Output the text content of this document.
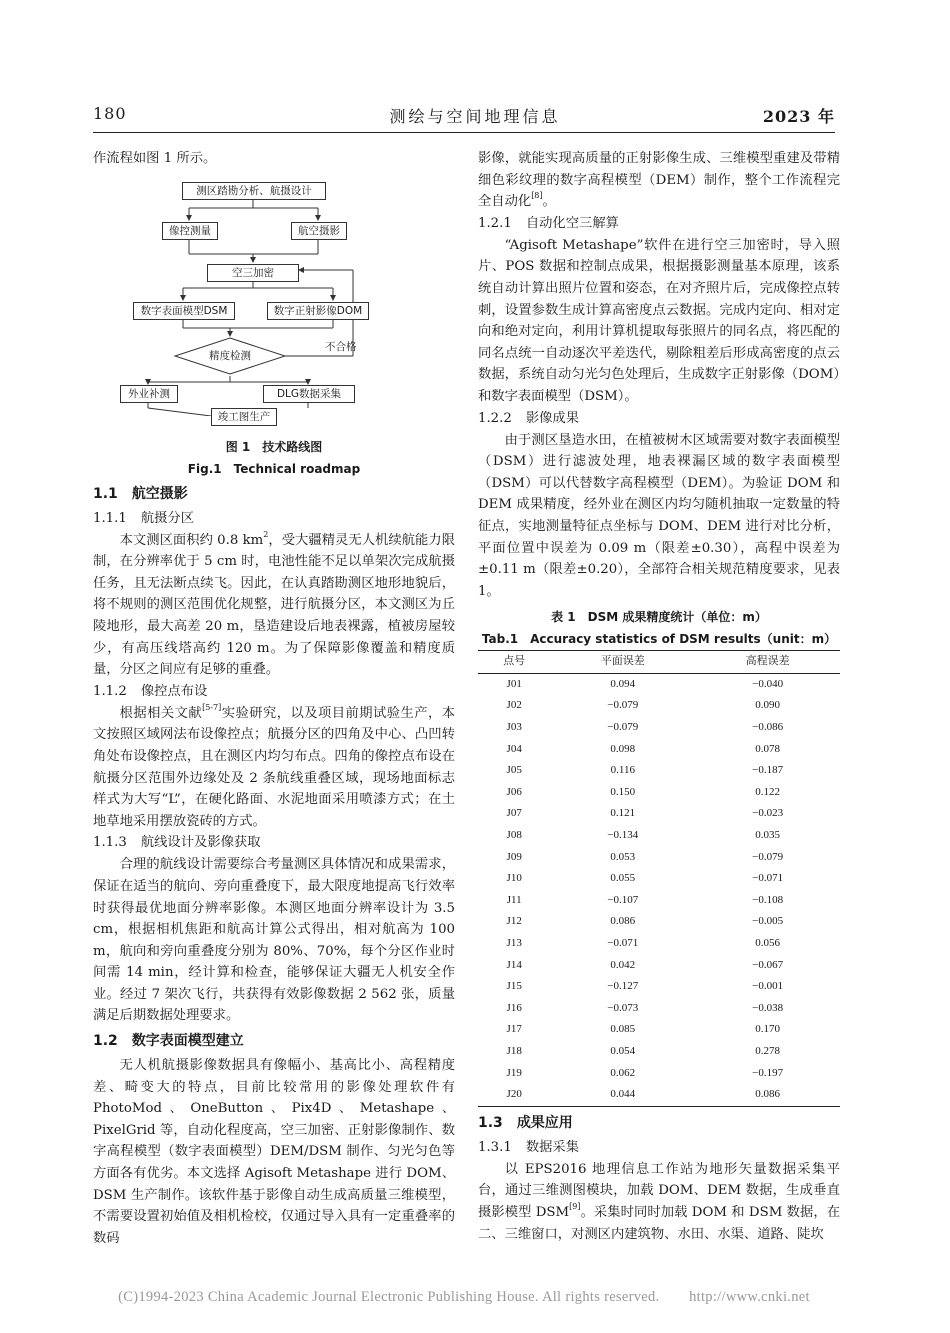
180	测绘与空间地理信息	2023 年

作流程如图 1 所示。

测区踏勘分析、航摄设计
像控测量	航空摄影
空三加密
数字表面模型DSM	数字正射影像DOM
精度检测
不合格
外业补测	DLG数据采集
竣工图生产

图 1　技术路线图

Fig.1　Technical roadmap

1.1 航空摄影

1.1.1 航摄分区

本文测区面积约 0.8 $km^2$，受大疆精灵无人机续航能力限制，在分辨率优于 5 cm 时，电池性能不足以单架次完成航摄任务，且无法断点续飞。因此，在认真踏勘测区地形地貌后，将不规则的测区范围优化规整，进行航摄分区，本文测区为丘陵地形，最大高差 20 m，垦造建设后地表裸露，植被房屋较少，有高压线塔高约 120 m。为了保障影像覆盖和精度质量，分区之间应有足够的重叠。

1.1.2 像控点布设

根据相关文献[5-7]实验研究，以及项目前期试验生产，本文按照区域网法布设像控点；航摄分区的四角及中心、凸凹转角处布设像控点，且在测区内均匀布点。四角的像控点布设在航摄分区范围外边缘处及 2 条航线重叠区域，现场地面标志样式为大写“L”，在硬化路面、水泥地面采用喷漆方式；在土地草地采用摆放瓷砖的方式。

1.1.3 航线设计及影像获取

合理的航线设计需要综合考量测区具体情况和成果需求，保证在适当的航向、旁向重叠度下，最大限度地提高飞行效率时获得最优地面分辨率影像。本测区地面分辨率设计为 3.5 cm，根据相机焦距和航高计算公式得出，相对航高为 100 m，航向和旁向重叠度分别为 80%、70%，每个分区作业时间需 14 min，经计算和检查，能够保证大疆无人机安全作业。经过 7 架次飞行，共获得有效影像数据 2 562 张，质量满足后期数据处理要求。

1.2 数字表面模型建立

无人机航摄影像数据具有像幅小、基高比小、高程精度差、畸变大的特点，目前比较常用的影像处理软件有 PhotoMod、OneButton、Pix4D、Metashape、PixelGrid 等，自动化程度高，空三加密、正射影像制作、数字高程模型（数字表面模型）DEM/DSM 制作、匀光匀色等方面各有优劣。本文选择 Agisoft Metashape 进行 DOM、DSM 生产制作。该软件基于影像自动生成高质量三维模型，不需要设置初始值及相机检校，仅通过导入具有一定重叠率的数码

影像，就能实现高质量的正射影像生成、三维模型重建及带精细色彩纹理的数字高程模型（DEM）制作，整个工作流程完全自动化[8]。

1.2.1 自动化空三解算

“Agisoft Metashape”软件在进行空三加密时，导入照片、POS 数据和控制点成果，根据摄影测量基本原理，该系统自动计算出照片位置和姿态，在对齐照片后，完成像控点转刺，设置参数生成计算高密度点云数据。完成内定向、相对定向和绝对定向，利用计算机提取每张照片的同名点，将匹配的同名点统一自动逐次平差迭代，剔除粗差后形成高密度的点云数据，系统自动匀光匀色处理后，生成数字正射影像（DOM）和数字表面模型（DSM）。

1.2.2 影像成果

由于测区垦造水田，在植被树木区域需要对数字表面模型（DSM）进行滤波处理，地表裸漏区域的数字表面模型（DSM）可以代替数字高程模型（DEM）。为验证 DOM 和 DEM 成果精度，经外业在测区内均匀随机抽取一定数量的特征点，实地测量特征点坐标与 DOM、DEM 进行对比分析，平面位置中误差为 0.09 m（限差±0.30），高程中误差为±0.11 m（限差±0.20），全部符合相关规范精度要求，见表 1。

表 1　DSM 成果精度统计（单位：m）

Tab.1　Accuracy statistics of DSM results（unit：m）

点号	平面误差	高程误差
J01	0.094	−0.040
J02	−0.079	0.090
J03	−0.079	−0.086
J04	0.098	0.078
J05	0.116	−0.187
J06	0.150	0.122
J07	0.121	−0.023
J08	−0.134	0.035
J09	0.053	−0.079
J10	0.055	−0.071
J11	−0.107	−0.108
J12	0.086	−0.005
J13	−0.071	0.056
J14	0.042	−0.067
J15	−0.127	−0.001
J16	−0.073	−0.038
J17	0.085	0.170
J18	0.054	0.278
J19	0.062	−0.197
J20	0.044	0.086

1.3 成果应用

1.3.1 数据采集

以 EPS2016 地理信息工作站为地形矢量数据采集平台，通过三维测图模块，加载 DOM、DEM 数据，生成垂直摄影模型 DSM[9]。采集时同时加载 DOM 和 DSM 数据，在二、三维窗口，对测区内建筑物、水田、水渠、道路、陡坎

(C)1994-2023 China Academic Journal Electronic Publishing House. All rights reserved.　　http://www.cnki.net
